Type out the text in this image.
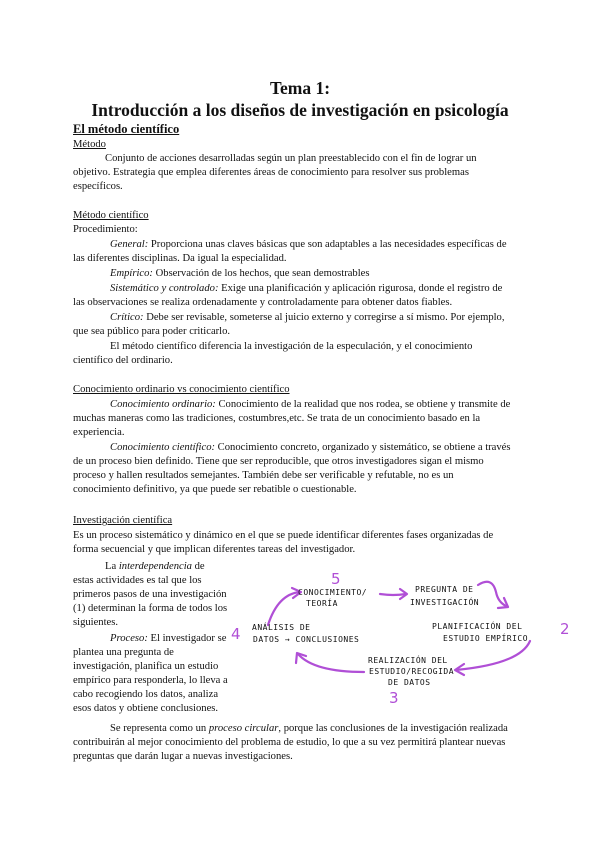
Tema 1:
Introducción a los diseños de investigación en psicología
El método científico
Método
Conjunto de acciones desarrolladas según un plan preestablecido con el fin de lograr un
objetivo. Estrategia que emplea diferentes áreas de conocimiento para resolver sus problemas
específicos.
Método científico
Procedimiento:
General: Proporciona unas claves básicas que son adaptables a las necesidades específicas de
las diferentes disciplinas. Da igual la especialidad.
Empírico: Observación de los hechos, que sean demostrables
Sistemático y controlado: Exige una planificación y aplicación rigurosa, donde el registro de
las observaciones se realiza ordenadamente y controladamente para obtener datos fiables.
Crítico: Debe ser revisable, someterse al juicio externo y corregirse a sí mismo. Por ejemplo,
que sea público para poder criticarlo.
El método científico diferencia la investigación de la especulación, y el conocimiento
científico del ordinario.
Conocimiento ordinario vs conocimiento científico
Conocimiento ordinario: Conocimiento de la realidad que nos rodea, se obtiene y transmite de
muchas maneras como las tradiciones, costumbres,etc. Se trata de un conocimiento basado en la
experiencia.
Conocimiento científico: Conocimiento concreto, organizado y sistemático, se obtiene a través
de un proceso bien definido. Tiene que ser reproducible, que otros investigadores sigan el mismo
proceso y hallen resultados semejantes. También debe ser verificable y refutable, no es un
conocimiento definitivo, ya que puede ser rebatible o cuestionable.
Investigación científica
Es un proceso sistemático y dinámico en el que se puede identificar diferentes fases organizadas de
forma secuencial y que implican diferentes tareas del investigador.
La interdependencia de
estas actividades es tal que los
primeros pasos de una investigación
(1) determinan la forma de todos los
siguientes.
Proceso: El investigador se
plantea una pregunta de
investigación, planifica un estudio
empírico para responderla, lo lleva a
cabo recogiendo los datos, analiza
esos datos y obtiene conclusiones.
Se representa como un proceso circular, porque las conclusiones de la investigación realizada
contribuirán al mejor conocimiento del problema de estudio, lo que a su vez permitirá plantear nuevas
preguntas que darán lugar a nuevas investigaciones.
5
2
3
4
CONOCIMIENTO/
TEORÍA
PREGUNTA DE
INVESTIGACIÓN
PLANIFICACIÓN DEL
ESTUDIO EMPÍRICO
REALIZACIÓN DEL
ESTUDIO/RECOGIDA
DE DATOS
ANÁLISIS DE
DATOS → CONCLUSIONES
